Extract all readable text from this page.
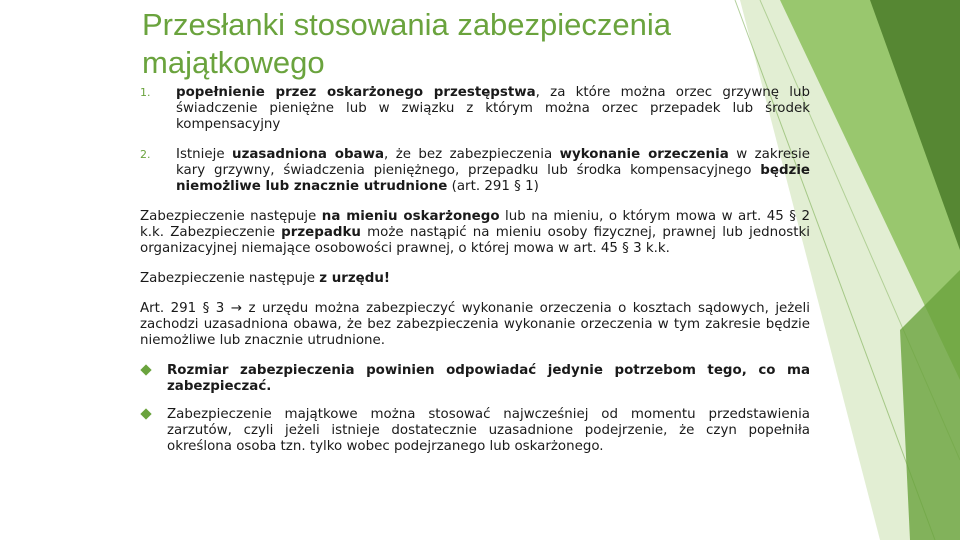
Przesłanki stosowania zabezpieczenia majątkowego
1. popełnienie przez oskarżonego przestępstwa, za które można orzec grzywnę lub świadczenie pieniężne lub w związku z którym można orzec przepadek lub środek kompensacyjny
2. Istnieje uzasadniona obawa, że bez zabezpieczenia wykonanie orzeczenia w zakresie kary grzywny, świadczenia pieniężnego, przepadku lub środka kompensacyjnego będzie niemożliwe lub znacznie utrudnione (art. 291 § 1)

Zabezpieczenie następuje na mieniu oskarżonego lub na mieniu, o którym mowa w art. 45 § 2 k.k. Zabezpieczenie przepadku może nastąpić na mieniu osoby fizycznej, prawnej lub jednostki organizacyjnej niemające osobowości prawnej, o której mowa w art. 45 § 3 k.k.

Zabezpieczenie następuje z urzędu!

Art. 291 § 3 → z urzędu można zabezpieczyć wykonanie orzeczenia o kosztach sądowych, jeżeli zachodzi uzasadniona obawa, że bez zabezpieczenia wykonanie orzeczenia w tym zakresie będzie niemożliwe lub znacznie utrudnione.

Rozmiar zabezpieczenia powinien odpowiadać jedynie potrzebom tego, co ma zabezpieczać.
Zabezpieczenie majątkowe można stosować najwcześniej od momentu przedstawienia zarzutów, czyli jeżeli istnieje dostatecznie uzasadnione podejrzenie, że czyn popełniła określona osoba tzn. tylko wobec podejrzanego lub oskarżonego.
